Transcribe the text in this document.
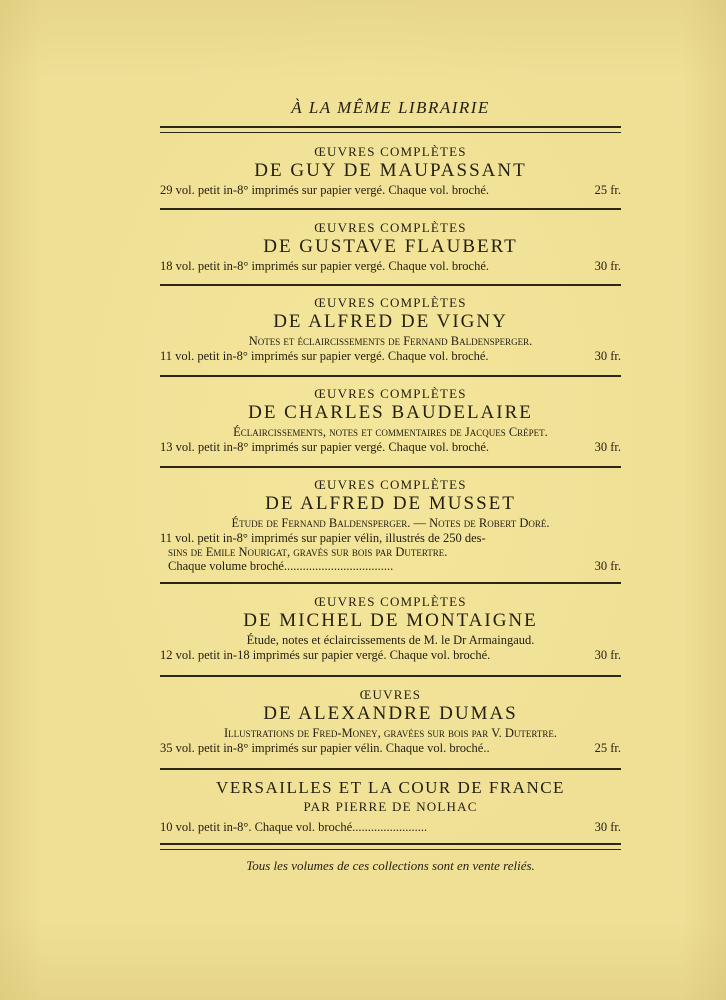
À LA MÊME LIBRAIRIE
ŒUVRES COMPLÈTES
DE GUY DE MAUPASSANT
29 vol. petit in-8° imprimés sur papier vergé. Chaque vol. broché.	25 fr.
ŒUVRES COMPLÈTES
DE GUSTAVE FLAUBERT
18 vol. petit in-8° imprimés sur papier vergé. Chaque vol. broché.	30 fr.
ŒUVRES COMPLÈTES
DE ALFRED DE VIGNY
Notes et éclaircissements de Fernand Baldensperger.
11 vol. petit in-8° imprimés sur papier vergé. Chaque vol. broché.	30 fr.
ŒUVRES COMPLÈTES
DE CHARLES BAUDELAIRE
Éclaircissements, notes et commentaires de Jacques Crépet.
13 vol. petit in-8° imprimés sur papier vergé. Chaque vol. broché.	30 fr.
ŒUVRES COMPLÈTES
DE ALFRED DE MUSSET
Étude de Fernand Baldensperger. — Notes de Robert Doré.
11 vol. petit in-8° imprimés sur papier vélin, illustrés de 250 des-
sins de Emile Nourigat, gravés sur bois par Dutertre.
Chaque volume broché...................................	30 fr.
ŒUVRES COMPLÈTES
DE MICHEL DE MONTAIGNE
Étude, notes et éclaircissements de M. le Dr Armaingaud.
12 vol. petit in-18 imprimés sur papier vergé. Chaque vol. broché.	30 fr.
ŒUVRES
DE ALEXANDRE DUMAS
Illustrations de Fred-Money, gravées sur bois par V. Dutertre.
35 vol. petit in-8° imprimés sur papier vélin. Chaque vol. broché..	25 fr.
VERSAILLES ET LA COUR DE FRANCE
PAR PIERRE DE NOLHAC
10 vol. petit in-8°. Chaque vol. broché........................	30 fr.
Tous les volumes de ces collections sont en vente reliés.
